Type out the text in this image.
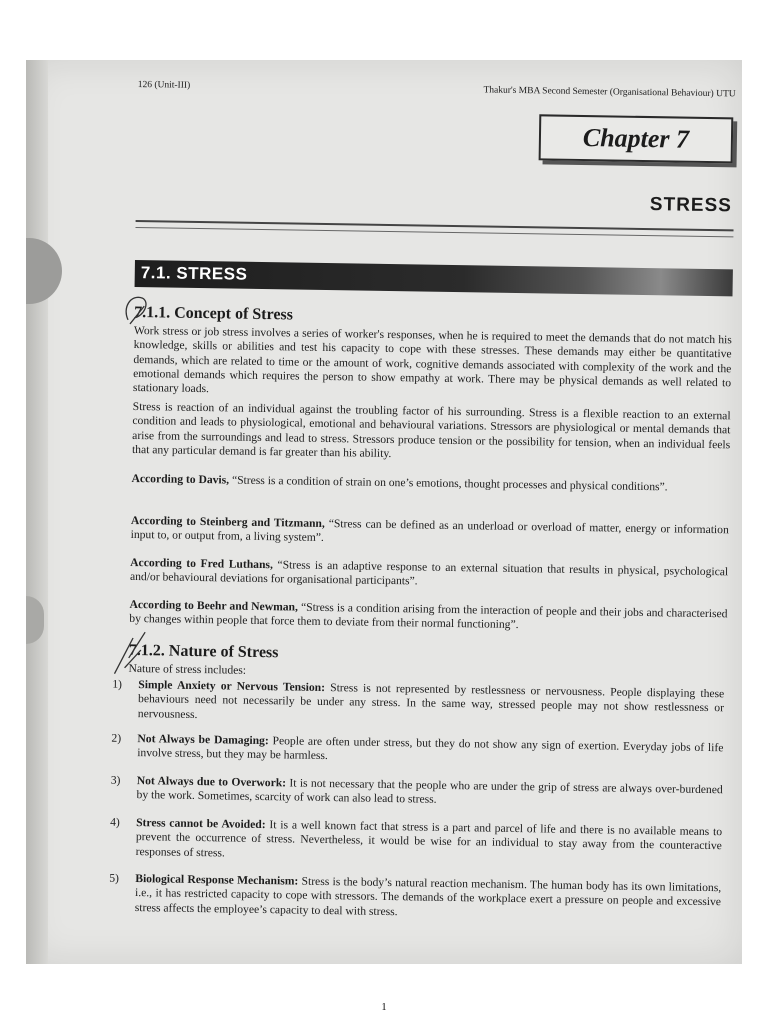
126 (Unit-III)
Thakur's MBA Second Semester (Organisational Behaviour) UTU
Chapter 7
STRESS
7.1. STRESS
7.1.1. Concept of Stress
Work stress or job stress involves a series of worker's responses, when he is required to meet the demands that do not match his knowledge, skills or abilities and test his capacity to cope with these stresses. These demands may either be quantitative demands, which are related to time or the amount of work, cognitive demands associated with complexity of the work and the emotional demands which requires the person to show empathy at work. There may be physical demands as well related to stationary loads.
Stress is reaction of an individual against the troubling factor of his surrounding. Stress is a flexible reaction to an external condition and leads to physiological, emotional and behavioural variations. Stressors are physiological or mental demands that arise from the surroundings and lead to stress. Stressors produce tension or the possibility for tension, when an individual feels that any particular demand is far greater than his ability.
According to Davis, “Stress is a condition of strain on one’s emotions, thought processes and physical conditions”.
According to Steinberg and Titzmann, “Stress can be defined as an underload or overload of matter, energy or information input to, or output from, a living system”.
According to Fred Luthans, “Stress is an adaptive response to an external situation that results in physical, psychological and/or behavioural deviations for organisational participants”.
According to Beehr and Newman, “Stress is a condition arising from the interaction of people and their jobs and characterised by changes within people that force them to deviate from their normal functioning”.
7.1.2. Nature of Stress
Nature of stress includes:
1) Simple Anxiety or Nervous Tension: Stress is not represented by restlessness or nervousness. People displaying these behaviours need not necessarily be under any stress. In the same way, stressed people may not show restlessness or nervousness.
2) Not Always be Damaging: People are often under stress, but they do not show any sign of exertion. Everyday jobs of life involve stress, but they may be harmless.
3) Not Always due to Overwork: It is not necessary that the people who are under the grip of stress are always over-burdened by the work. Sometimes, scarcity of work can also lead to stress.
4) Stress cannot be Avoided: It is a well known fact that stress is a part and parcel of life and there is no available means to prevent the occurrence of stress. Nevertheless, it would be wise for an individual to stay away from the counteractive responses of stress.
5) Biological Response Mechanism: Stress is the body’s natural reaction mechanism. The human body has its own limitations, i.e., it has restricted capacity to cope with stressors. The demands of the workplace exert a pressure on people and excessive stress affects the employee’s capacity to deal with stress.
1
